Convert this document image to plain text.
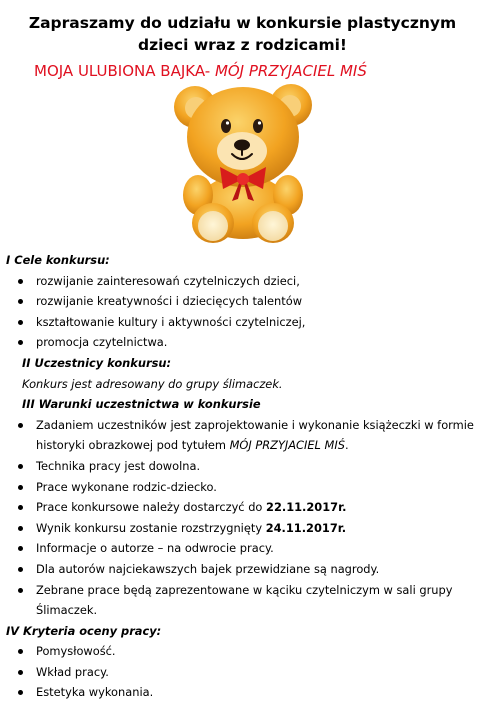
Zapraszamy do udziału w konkursie plastycznym dzieci wraz z rodzicami!
MOJA ULUBIONA BAJKA- MÓJ PRZYJACIEL MIŚ
I Cele konkursu:
rozwijanie zainteresowań czytelniczych dzieci,
rozwijanie kreatywności i dziecięcych talentów
kształtowanie kultury i aktywności czytelniczej,
promocja czytelnictwa.
II Uczestnicy konkursu:
Konkurs jest adresowany do grupy ślimaczek.
III Warunki uczestnictwa w konkursie
Zadaniem uczestników jest zaprojektowanie i wykonanie książeczki w formie historyki obrazkowej pod tytułem MÓJ PRZYJACIEL MIŚ.
Technika pracy jest dowolna.
Prace wykonane rodzic-dziecko.
Prace konkursowe należy dostarczyć do 22.11.2017r.
Wynik konkursu zostanie rozstrzygnięty 24.11.2017r.
Informacje o autorze – na odwrocie pracy.
Dla autorów najciekawszych bajek przewidziane są nagrody.
Zebrane prace będą zaprezentowane w kąciku czytelniczym w sali grupy Ślimaczek.
IV Kryteria oceny pracy:
Pomysłowość.
Wkład pracy.
Estetyka wykonania.
